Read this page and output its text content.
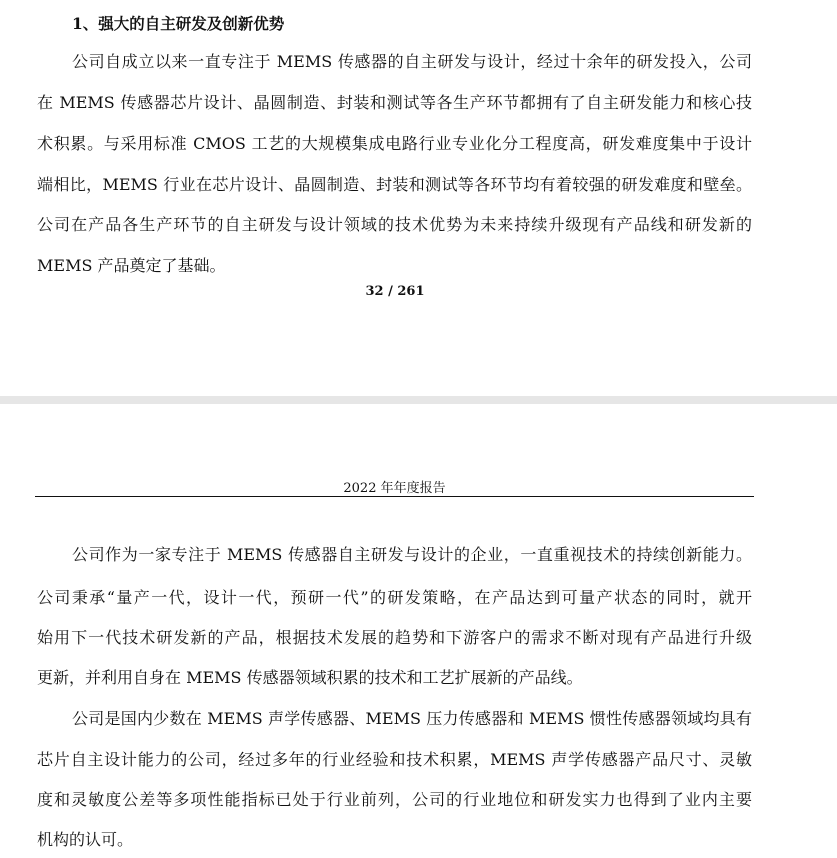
1、强大的自主研发及创新优势
公司自成立以来一直专注于 MEMS 传感器的自主研发与设计，经过十余年的研发投入，公司
在 MEMS 传感器芯片设计、晶圆制造、封装和测试等各生产环节都拥有了自主研发能力和核心技
术积累。与采用标准 CMOS 工艺的大规模集成电路行业专业化分工程度高，研发难度集中于设计
端相比，MEMS 行业在芯片设计、晶圆制造、封装和测试等各环节均有着较强的研发难度和壁垒。
公司在产品各生产环节的自主研发与设计领域的技术优势为未来持续升级现有产品线和研发新的
MEMS 产品奠定了基础。
32 / 261
2022 年年度报告
公司作为一家专注于 MEMS 传感器自主研发与设计的企业，一直重视技术的持续创新能力。
公司秉承“量产一代，设计一代，预研一代”的研发策略，在产品达到可量产状态的同时，就开
始用下一代技术研发新的产品，根据技术发展的趋势和下游客户的需求不断对现有产品进行升级
更新，并利用自身在 MEMS 传感器领域积累的技术和工艺扩展新的产品线。
公司是国内少数在 MEMS 声学传感器、MEMS 压力传感器和 MEMS 惯性传感器领域均具有
芯片自主设计能力的公司，经过多年的行业经验和技术积累，MEMS 声学传感器产品尺寸、灵敏
度和灵敏度公差等多项性能指标已处于行业前列，公司的行业地位和研发实力也得到了业内主要
机构的认可。
